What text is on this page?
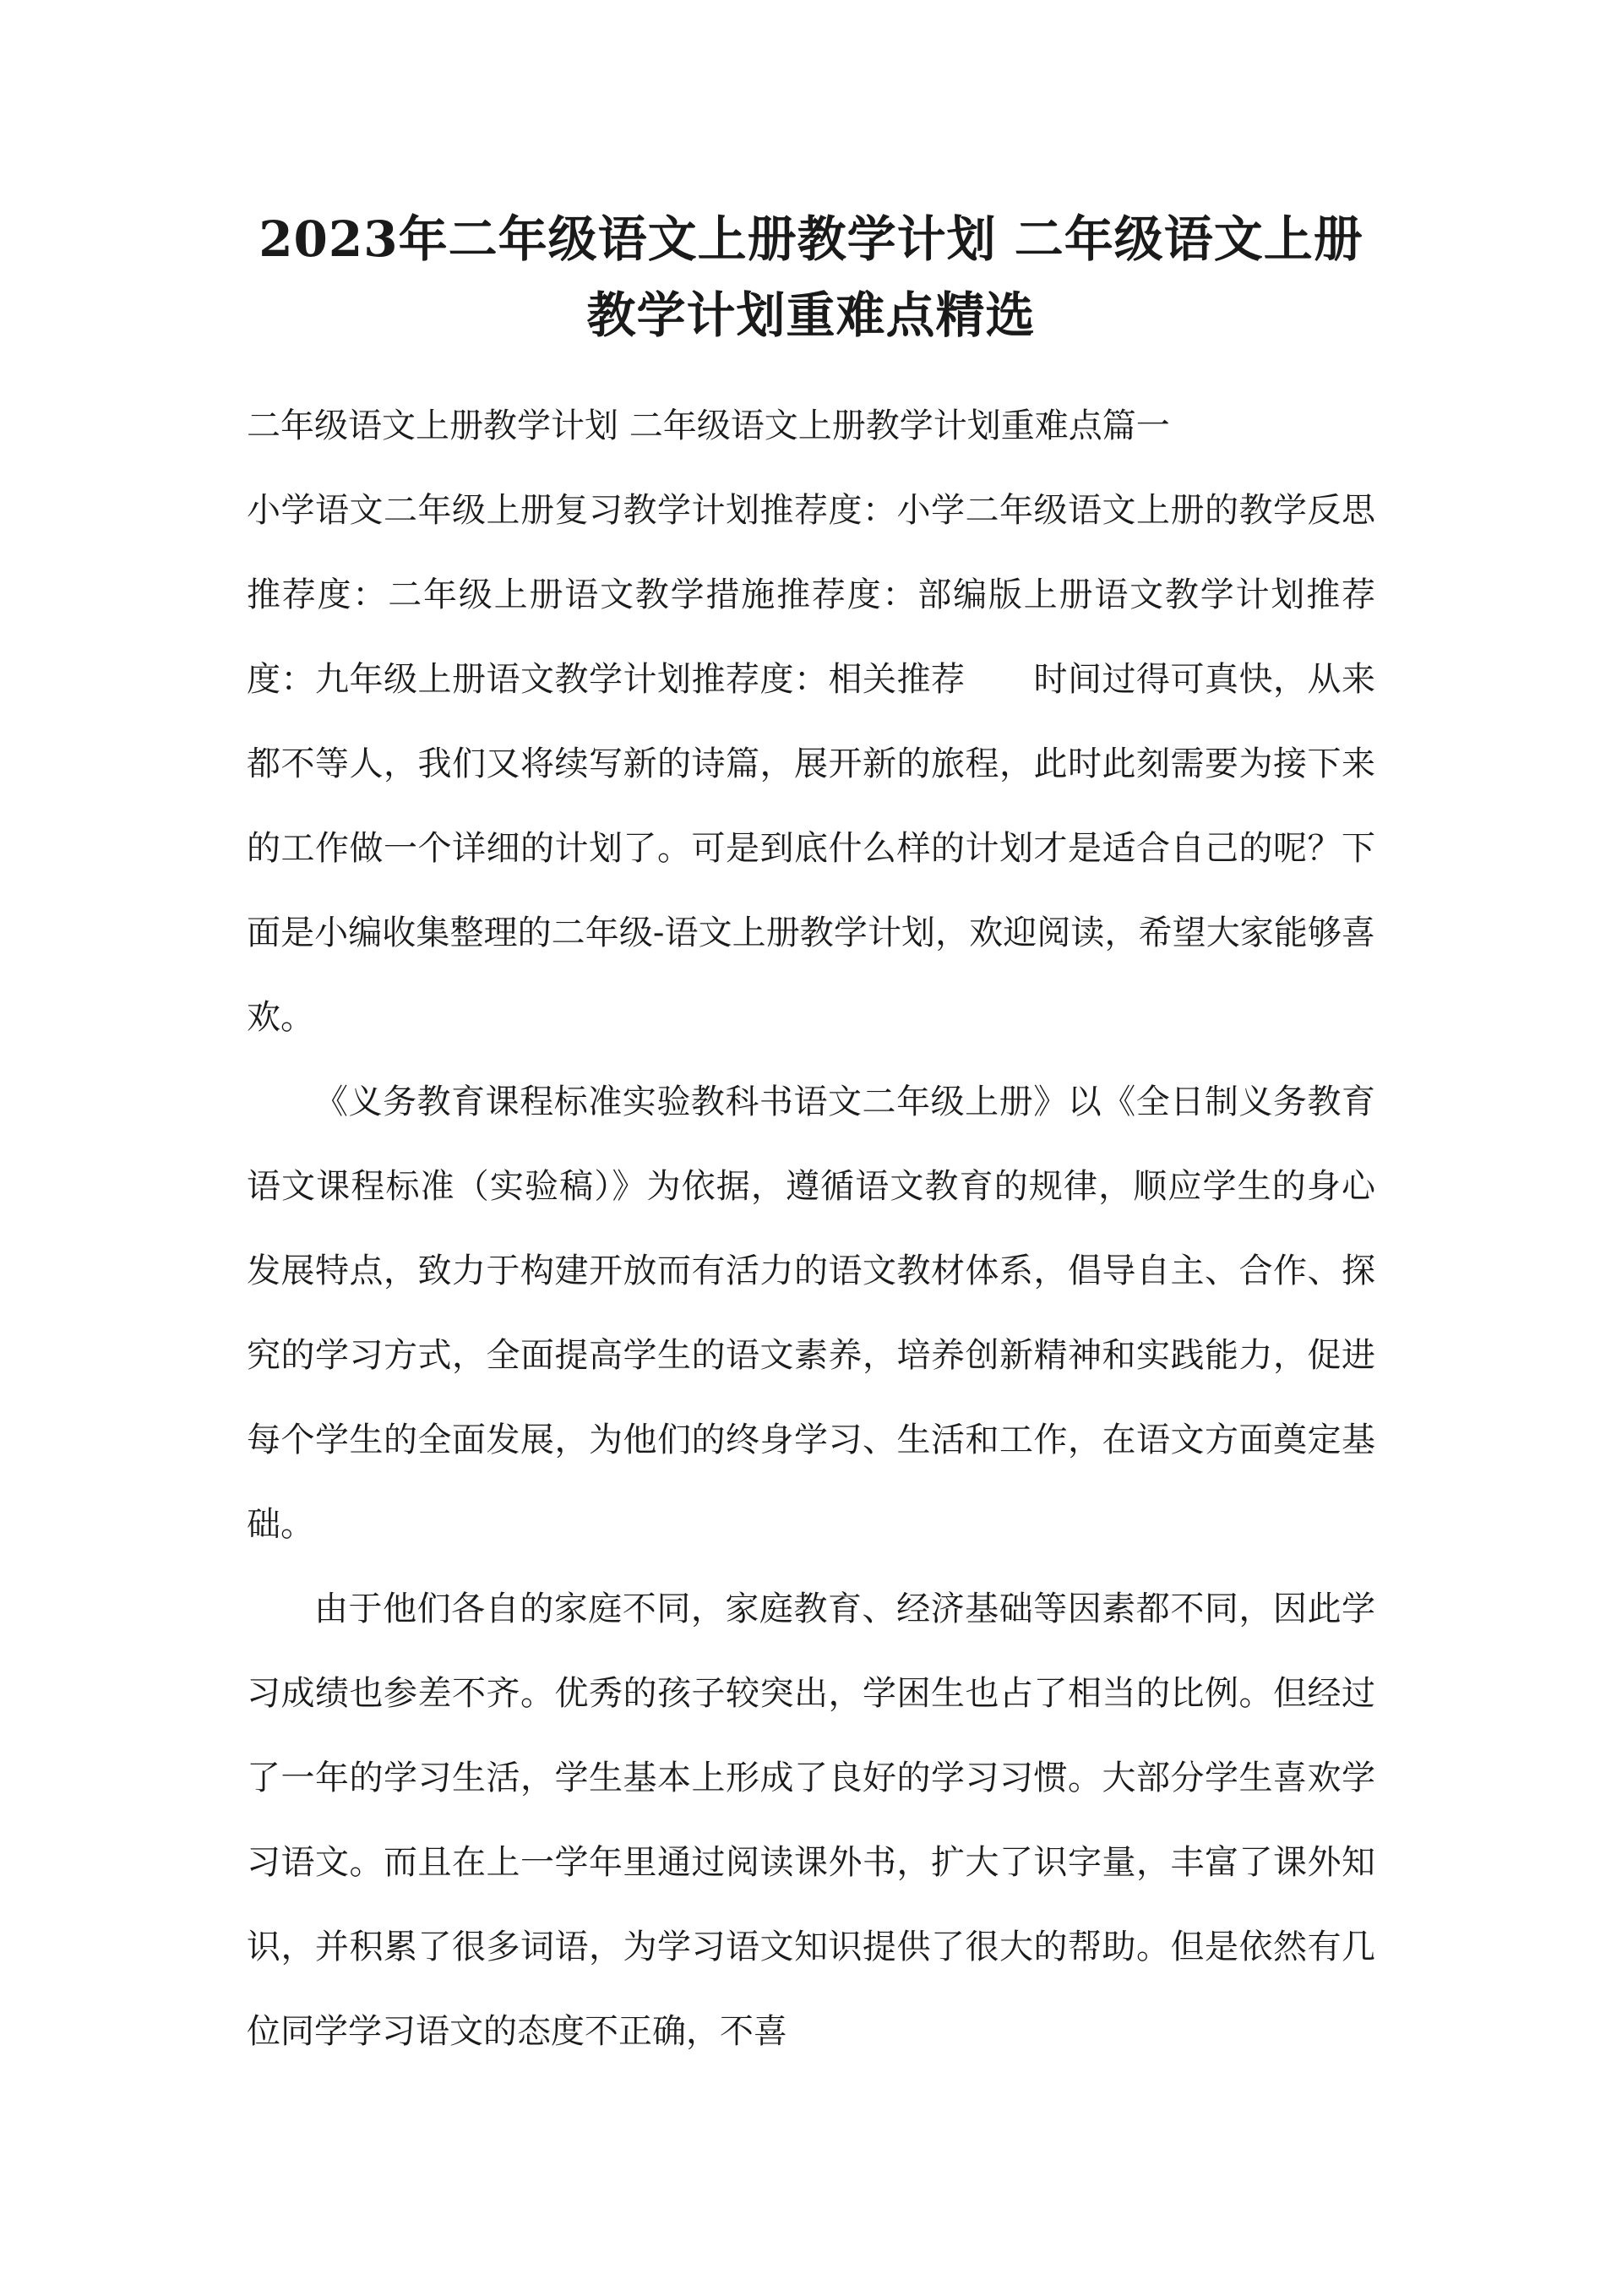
2023年二年级语文上册教学计划 二年级语文上册教学计划重难点精选

二年级语文上册教学计划 二年级语文上册教学计划重难点篇一

小学语文二年级上册复习教学计划推荐度：小学二年级语文上册的教学反思推荐度：二年级上册语文教学措施推荐度：部编版上册语文教学计划推荐度：九年级上册语文教学计划推荐度：相关推荐　　时间过得可真快，从来都不等人，我们又将续写新的诗篇，展开新的旅程，此时此刻需要为接下来的工作做一个详细的计划了。可是到底什么样的计划才是适合自己的呢？下面是小编收集整理的二年级-语文上册教学计划，欢迎阅读，希望大家能够喜欢。

《义务教育课程标准实验教科书语文二年级上册》以《全日制义务教育语文课程标准（实验稿）》为依据，遵循语文教育的规律，顺应学生的身心发展特点，致力于构建开放而有活力的语文教材体系，倡导自主、合作、探究的学习方式，全面提高学生的语文素养，培养创新精神和实践能力，促进每个学生的全面发展，为他们的终身学习、生活和工作，在语文方面奠定基础。

由于他们各自的家庭不同，家庭教育、经济基础等因素都不同，因此学习成绩也参差不齐。优秀的孩子较突出，学困生也占了相当的比例。但经过了一年的学习生活，学生基本上形成了良好的学习习惯。大部分学生喜欢学习语文。而且在上一学年里通过阅读课外书，扩大了识字量，丰富了课外知识，并积累了很多词语，为学习语文知识提供了很大的帮助。但是依然有几位同学学习语文的态度不正确，不喜
